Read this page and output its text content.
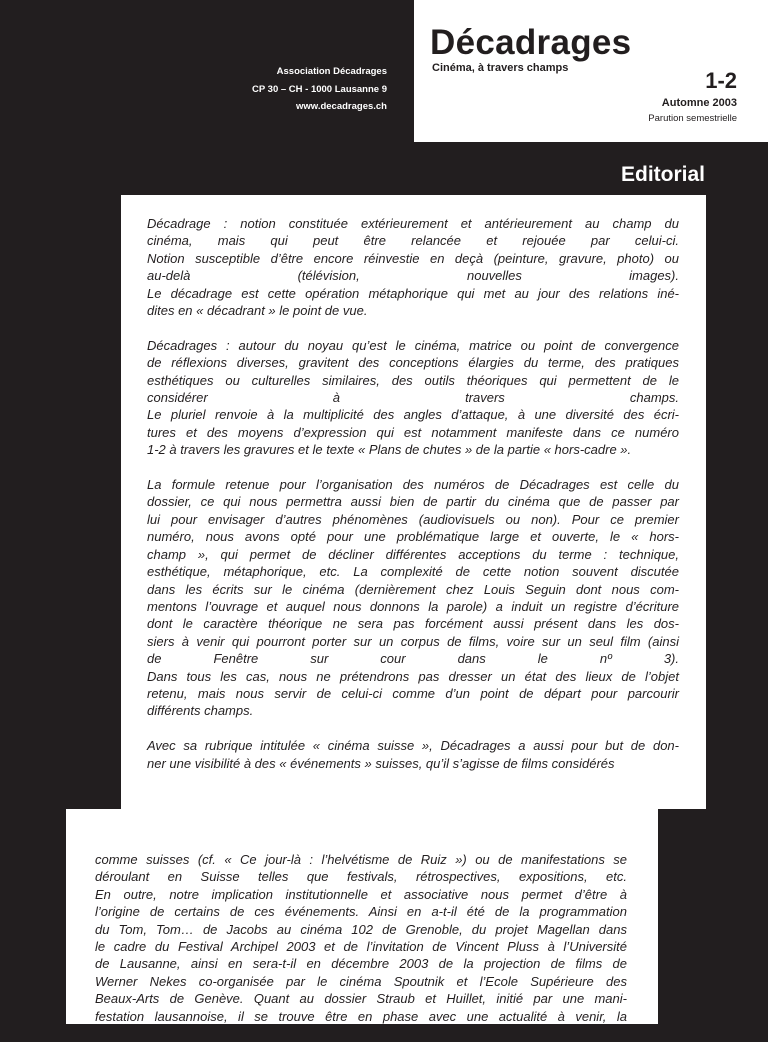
Association Décadrages
CP 30 – CH - 1000 Lausanne 9
www.decadrages.ch
Décadrages
Cinéma, à travers champs	1-2
Automne 2003
Parution semestrielle
Editorial

Décadrage : notion constituée extérieurement et antérieurement au champ du
cinéma, mais qui peut être relancée et rejouée par celui-ci.
Notion susceptible d’être encore réinvestie en deçà (peinture, gravure, photo) ou
au-delà (télévision, nouvelles images).
Le décadrage est cette opération métaphorique qui met au jour des relations iné-
dites en « décadrant » le point de vue.

Décadrages : autour du noyau qu’est le cinéma, matrice ou point de convergence
de réflexions diverses, gravitent des conceptions élargies du terme, des pratiques
esthétiques ou culturelles similaires, des outils théoriques qui permettent de le
considérer à travers champs.
Le pluriel renvoie à la multiplicité des angles d’attaque, à une diversité des écri-
tures et des moyens d’expression qui est notamment manifeste dans ce numéro
1-2 à travers les gravures et le texte « Plans de chutes » de la partie « hors-cadre ».

La formule retenue pour l’organisation des numéros de Décadrages est celle du
dossier, ce qui nous permettra aussi bien de partir du cinéma que de passer par
lui pour envisager d’autres phénomènes (audiovisuels ou non). Pour ce premier
numéro, nous avons opté pour une problématique large et ouverte, le « hors-
champ », qui permet de décliner différentes acceptions du terme : technique,
esthétique, métaphorique, etc. La complexité de cette notion souvent discutée
dans les écrits sur le cinéma (dernièrement chez Louis Seguin dont nous com-
mentons l’ouvrage et auquel nous donnons la parole) a induit un registre d’écriture
dont le caractère théorique ne sera pas forcément aussi présent dans les dos-
siers à venir qui pourront porter sur un corpus de films, voire sur un seul film (ainsi
de Fenêtre sur cour dans le nº 3).
Dans tous les cas, nous ne prétendrons pas dresser un état des lieux de l’objet
retenu, mais nous servir de celui-ci comme d’un point de départ pour parcourir
différents champs.

Avec sa rubrique intitulée « cinéma suisse », Décadrages a aussi pour but de don-
ner une visibilité à des « événements » suisses, qu’il s’agisse de films considérés

comme suisses (cf. « Ce jour-là : l’helvétisme de Ruiz ») ou de manifestations se
déroulant en Suisse telles que festivals, rétrospectives, expositions, etc.
En outre, notre implication institutionnelle et associative nous permet d’être à
l’origine de certains de ces événements. Ainsi en a-t-il été de la programmation
du Tom, Tom… de Jacobs au cinéma 102 de Grenoble, du projet Magellan dans
le cadre du Festival Archipel 2003 et de l’invitation de Vincent Pluss à l’Université
de Lausanne, ainsi en sera-t-il en décembre 2003 de la projection de films de
Werner Nekes co-organisée par le cinéma Spoutnik et l’Ecole Supérieure des
Beaux-Arts de Genève. Quant au dossier Straub et Huillet, initié par une mani-
festation lausannoise, il se trouve être en phase avec une actualité à venir, la
